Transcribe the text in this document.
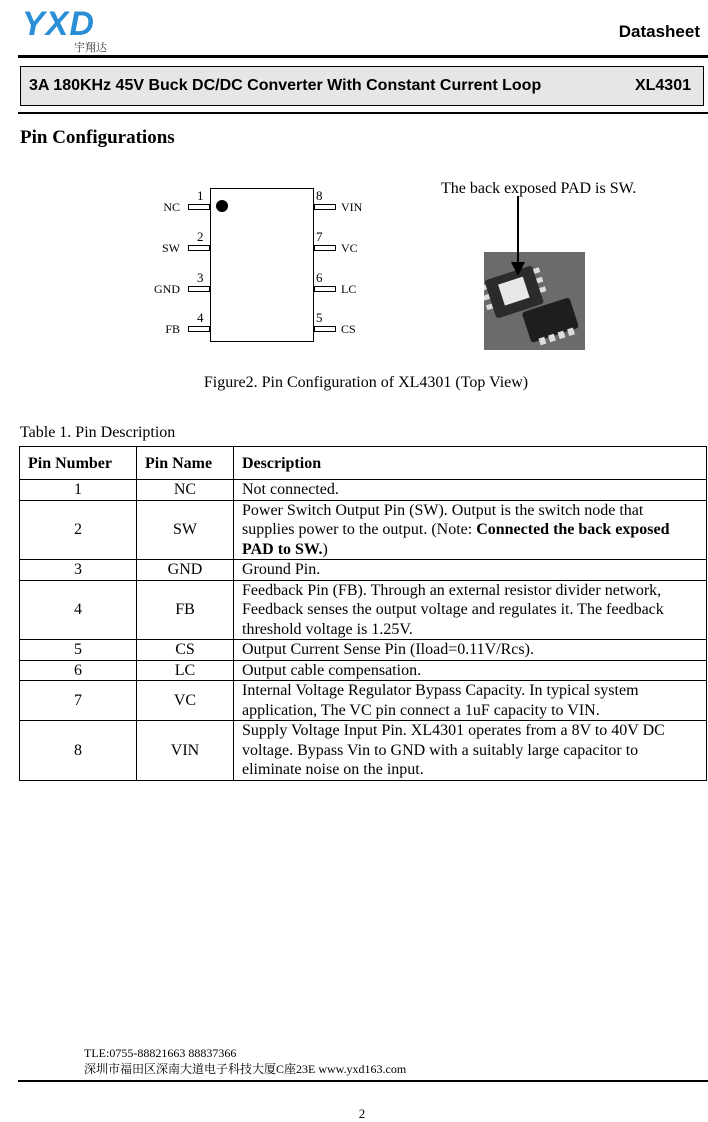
YXD
宇翔达
Datasheet
3A 180KHz 45V Buck DC/DC Converter With Constant Current Loop	XL4301
Pin Configurations
1
NC
2
SW
3
GND
4
FB
8
VIN
7
VC
6
LC
5
CS
The back exposed PAD is SW.
Figure2. Pin Configuration of XL4301 (Top View)
Table 1. Pin Description
Pin Number	Pin Name	Description
1	NC	Not connected.
2	SW	Power Switch Output Pin (SW). Output is the switch node that supplies power to the output. (Note: Connected the back exposed PAD to SW.)
3	GND	Ground Pin.
4	FB	Feedback Pin (FB). Through an external resistor divider network, Feedback senses the output voltage and regulates it. The feedback threshold voltage is 1.25V.
5	CS	Output Current Sense Pin (Iload=0.11V/Rcs).
6	LC	Output cable compensation.
7	VC	Internal Voltage Regulator Bypass Capacity. In typical system application, The VC pin connect a 1uF capacity to VIN.
8	VIN	Supply Voltage Input Pin. XL4301 operates from a 8V to 40V DC voltage. Bypass Vin to GND with a suitably large capacitor to eliminate noise on the input.
TLE:0755-88821663 88837366
深圳市福田区深南大道电子科技大厦C座23E www.yxd163.com
2
